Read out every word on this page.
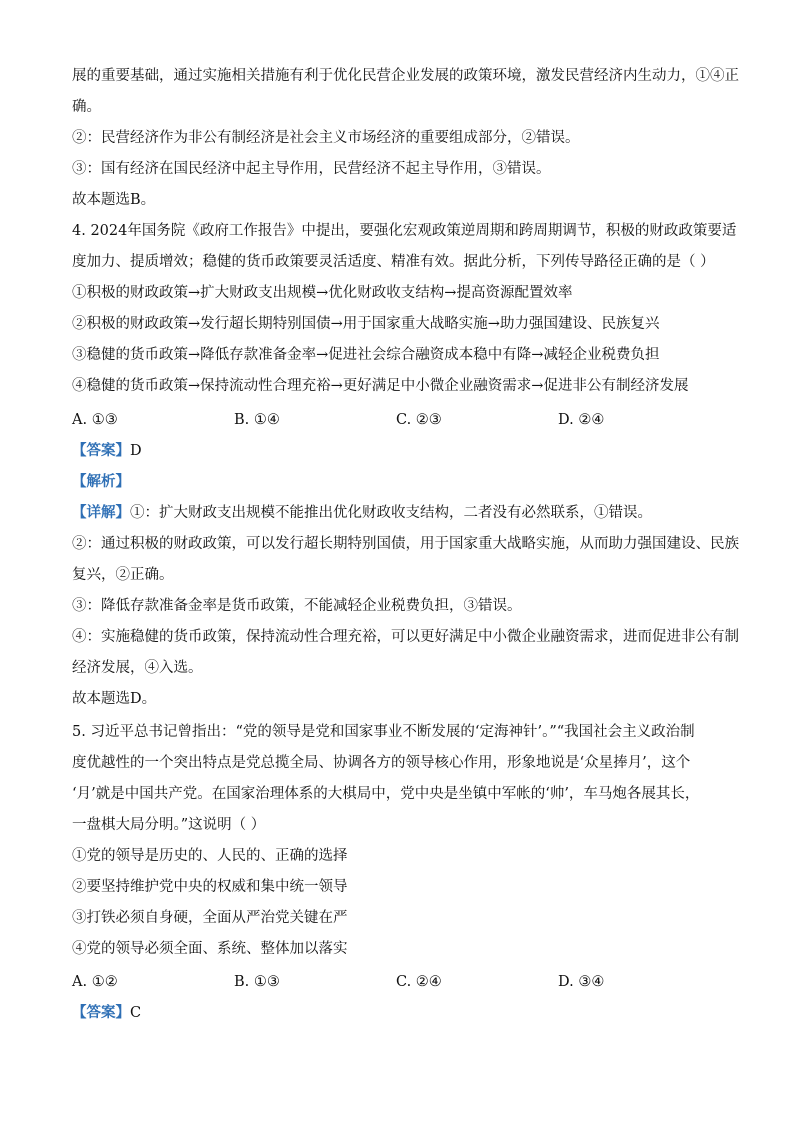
展的重要基础，通过实施相关措施有利于优化民营企业发展的政策环境，激发民营经济内生动力，①④正
确。
②：民营经济作为非公有制经济是社会主义市场经济的重要组成部分，②错误。
③：国有经济在国民经济中起主导作用，民营经济不起主导作用，③错误。
故本题选B。
4. 2024年国务院《政府工作报告》中提出，要强化宏观政策逆周期和跨周期调节，积极的财政政策要适
度加力、提质增效；稳健的货币政策要灵活适度、精准有效。据此分析，下列传导路径正确的是（ ）
①积极的财政政策→扩大财政支出规模→优化财政收支结构→提高资源配置效率
②积极的财政政策→发行超长期特别国债→用于国家重大战略实施→助力强国建设、民族复兴
③稳健的货币政策→降低存款准备金率→促进社会综合融资成本稳中有降→减轻企业税费负担
④稳健的货币政策→保持流动性合理充裕→更好满足中小微企业融资需求→促进非公有制经济发展
A. ①③	B. ①④	C. ②③	D. ②④
【答案】D
【解析】
【详解】①：扩大财政支出规模不能推出优化财政收支结构，二者没有必然联系，①错误。
②：通过积极的财政政策，可以发行超长期特别国债，用于国家重大战略实施，从而助力强国建设、民族
复兴，②正确。
③：降低存款准备金率是货币政策，不能减轻企业税费负担，③错误。
④：实施稳健的货币政策，保持流动性合理充裕，可以更好满足中小微企业融资需求，进而促进非公有制
经济发展，④入选。
故本题选D。
5. 习近平总书记曾指出：“党的领导是党和国家事业不断发展的‘定海神针’。”“我国社会主义政治制
度优越性的一个突出特点是党总揽全局、协调各方的领导核心作用，形象地说是‘众星捧月’，这个
‘月’就是中国共产党。在国家治理体系的大棋局中，党中央是坐镇中军帐的‘帅’，车马炮各展其长，
一盘棋大局分明。”这说明（ ）
①党的领导是历史的、人民的、正确的选择
②要坚持维护党中央的权威和集中统一领导
③打铁必须自身硬，全面从严治党关键在严
④党的领导必须全面、系统、整体加以落实
A. ①②	B. ①③	C. ②④	D. ③④
【答案】C
